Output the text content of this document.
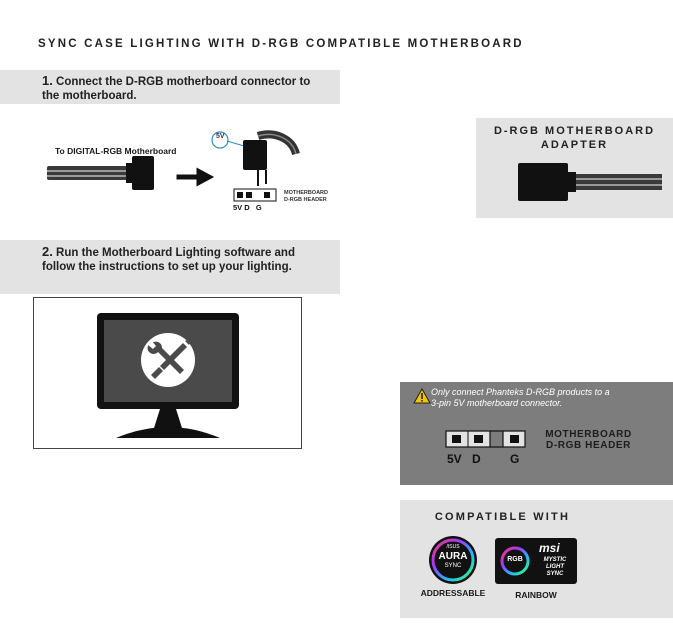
SYNC CASE LIGHTING WITH D-RGB COMPATIBLE MOTHERBOARD
1. Connect the D-RGB motherboard connector to
the motherboard.
To DIGITAL-RGB Motherboard
5V
5V D   G
MOTHERBOARD
D-RGB HEADER
D-RGB MOTHERBOARD
ADAPTER
2. Run the Motherboard Lighting software and
follow the instructions to set up your lighting.
Only connect Phanteks D-RGB products to a
3-pin 5V motherboard connector.
5V D G
MOTHERBOARD
D-RGB HEADER
COMPATIBLE WITH
/ISUS
AURA
SYNC
ADDRESSABLE
RGB
msi
MYSTIC
LIGHT
SYNC
RAINBOW
